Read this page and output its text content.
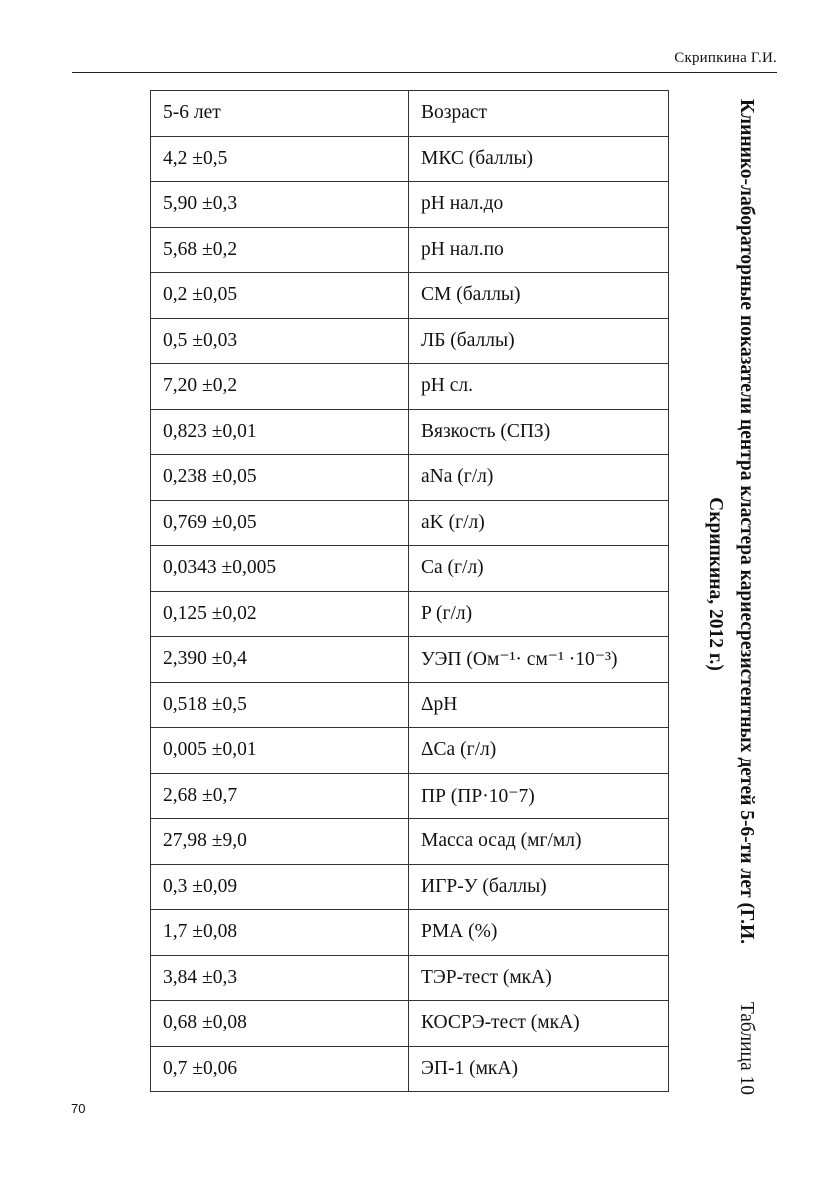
Скрипкина Г.И.
5-6 лет	Возраст
4,2 ±0,5	МКС (баллы)
5,90 ±0,3	pH нал.до
5,68 ±0,2	pH нал.по
0,2 ±0,05	СМ (баллы)
0,5 ±0,03	ЛБ (баллы)
7,20 ±0,2	pH сл.
0,823 ±0,01	Вязкость (СПЗ)
0,238 ±0,05	aNa (г/л)
0,769 ±0,05	aK (г/л)
0,0343 ±0,005	Ca (г/л)
0,125 ±0,02	P (г/л)
2,390 ±0,4	УЭП (Ом⁻¹· см⁻¹ ·10⁻³)
0,518 ±0,5	ΔpH
0,005 ±0,01	ΔCa (г/л)
2,68 ±0,7	ПР (ПР·10⁻7)
27,98 ±9,0	Масса осад (мг/мл)
0,3 ±0,09	ИГР-У (баллы)
1,7 ±0,08	РМА (%)
3,84 ±0,3	ТЭР-тест (мкА)
0,68 ±0,08	КОСРЭ-тест (мкА)
0,7 ±0,06	ЭП-1 (мкА)
Клинико-лабораторные показатели центра кластера кариесрезистентных детей 5-6-ти лет (Г.И.
Таблица 10
Скрипкина, 2012 г.)
70
